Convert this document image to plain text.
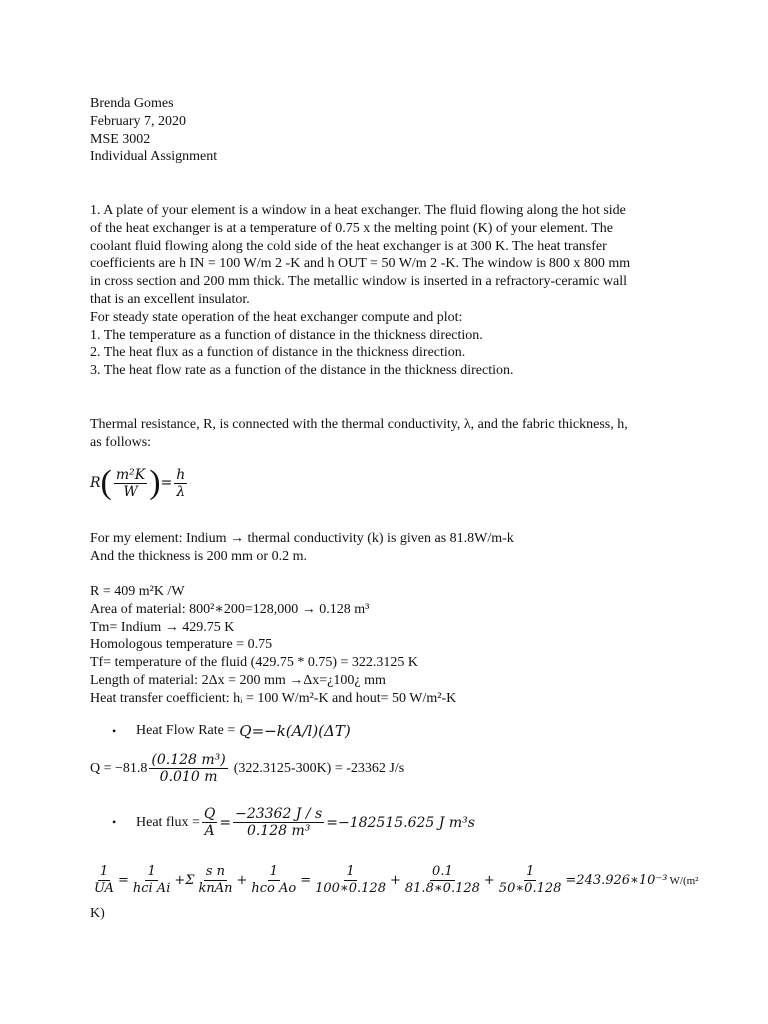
Brenda Gomes
February 7, 2020
MSE 3002
Individual Assignment
1. A plate of your element is a window in a heat exchanger. The fluid flowing along the hot side
of the heat exchanger is at a temperature of 0.75 x the melting point (K) of your element. The
coolant fluid flowing along the cold side of the heat exchanger is at 300 K. The heat transfer
coefficients are h IN = 100 W/m 2 -K and h OUT = 50 W/m 2 -K. The window is 800 x 800 mm
in cross section and 200 mm thick. The metallic window is inserted in a refractory-ceramic wall
that is an excellent insulator.
For steady state operation of the heat exchanger compute and plot:
1. The temperature as a function of distance in the thickness direction.
2. The heat flux as a function of distance in the thickness direction.
3. The heat flow rate as a function of the distance in the thickness direction.
Thermal resistance, R, is connected with the thermal conductivity, λ, and the fabric thickness, h,
as follows:
R ( $\frac{\text{m²K}}{W}$ ) = $\frac{h}{\lambda}$
For my element: Indium → thermal conductivity (k) is given as 81.8W/m-k
And the thickness is 200 mm or 0.2 m.
R = 409 m²K /W
Area of material: 800²∗200=128,000 → 0.128 m³
Tm= Indium → 429.75 K
Homologous temperature = 0.75
Tf= temperature of the fluid (429.75 * 0.75) = 322.3125 K
Length of material: 2Δx = 200 mm →Δx=¿100¿ mm
Heat transfer coefficient: hᵢ = 100 W/m²-K and hout= 50 W/m²-K
•	Heat Flow Rate = Q=−k(A/l)(ΔT)
$Q = -81.8 \frac{\text{(0.128 m³)}}{0.010 m} (322.3125-300K) = -23362$ J/s
•	Heat flux = $\frac{Q}{A} = \frac{-23362 J / s}{\text{0.128 m³}} =-182515.625$ J m³s
$\frac{1}{UA} = \frac{1}{\text{hci Ai}} +\Sigma \frac{\text{s n}}{\text{knAn}} + \frac{1}{\text{hco Ao}} = \frac{1}{100∗0.128} + \frac{0.1}{81.8∗0.128} + \frac{1}{50∗0.128}$ =243.926∗10⁻³ W/(m²
K)
